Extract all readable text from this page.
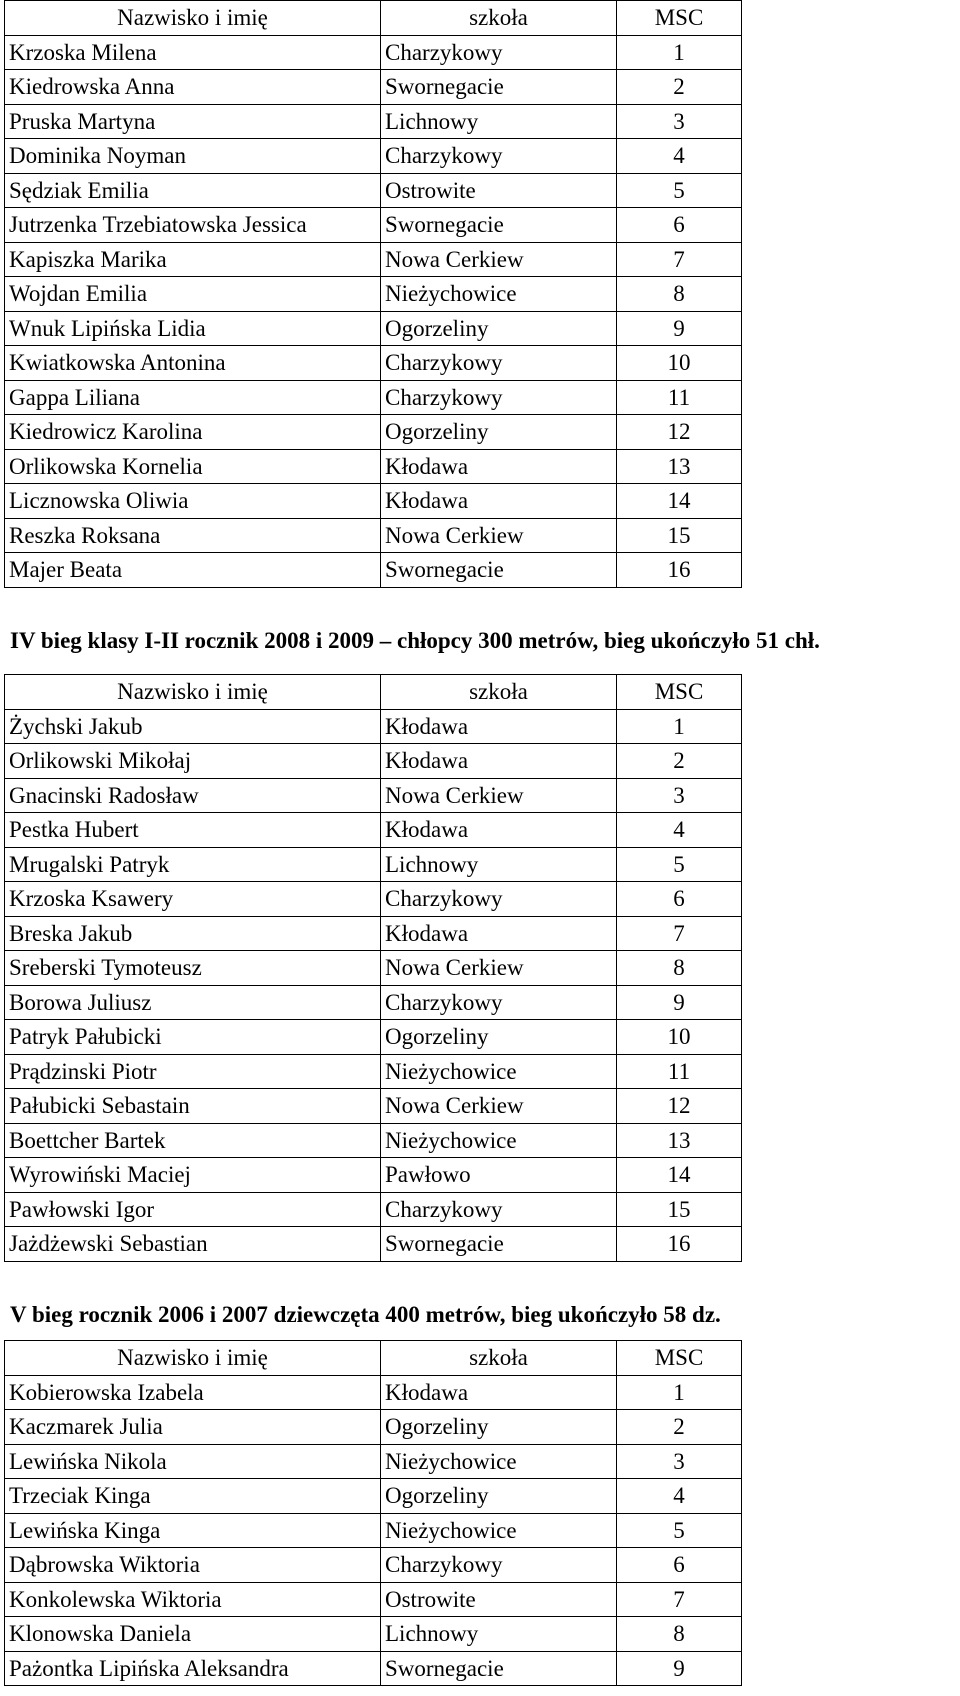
Nazwisko i imię	szkoła	MSC
Krzoska Milena	Charzykowy	1
Kiedrowska Anna	Swornegacie	2
Pruska Martyna	Lichnowy	3
Dominika Noyman	Charzykowy	4
Sędziak Emilia	Ostrowite	5
Jutrzenka Trzebiatowska Jessica	Swornegacie	6
Kapiszka Marika	Nowa Cerkiew	7
Wojdan Emilia	Nieżychowice	8
Wnuk Lipińska Lidia	Ogorzeliny	9
Kwiatkowska Antonina	Charzykowy	10
Gappa Liliana	Charzykowy	11
Kiedrowicz Karolina	Ogorzeliny	12
Orlikowska Kornelia	Kłodawa	13
Licznowska Oliwia	Kłodawa	14
Reszka Roksana	Nowa Cerkiew	15
Majer Beata	Swornegacie	16
IV bieg klasy I-II rocznik 2008 i 2009 – chłopcy 300 metrów, bieg ukończyło 51 chł.
Nazwisko i imię	szkoła	MSC
Żychski Jakub	Kłodawa	1
Orlikowski Mikołaj	Kłodawa	2
Gnacinski Radosław	Nowa Cerkiew	3
Pestka Hubert	Kłodawa	4
Mrugalski Patryk	Lichnowy	5
Krzoska Ksawery	Charzykowy	6
Breska Jakub	Kłodawa	7
Sreberski Tymoteusz	Nowa Cerkiew	8
Borowa Juliusz	Charzykowy	9
Patryk Pałubicki	Ogorzeliny	10
Prądzinski Piotr	Nieżychowice	11
Pałubicki Sebastain	Nowa Cerkiew	12
Boettcher Bartek	Nieżychowice	13
Wyrowiński Maciej	Pawłowo	14
Pawłowski Igor	Charzykowy	15
Jażdżewski Sebastian	Swornegacie	16
V bieg rocznik 2006 i 2007 dziewczęta 400 metrów, bieg ukończyło 58 dz.
Nazwisko i imię	szkoła	MSC
Kobierowska Izabela	Kłodawa	1
Kaczmarek Julia	Ogorzeliny	2
Lewińska Nikola	Nieżychowice	3
Trzeciak Kinga	Ogorzeliny	4
Lewińska Kinga	Nieżychowice	5
Dąbrowska Wiktoria	Charzykowy	6
Konkolewska Wiktoria	Ostrowite	7
Klonowska Daniela	Lichnowy	8
Pażontka Lipińska Aleksandra	Swornegacie	9
